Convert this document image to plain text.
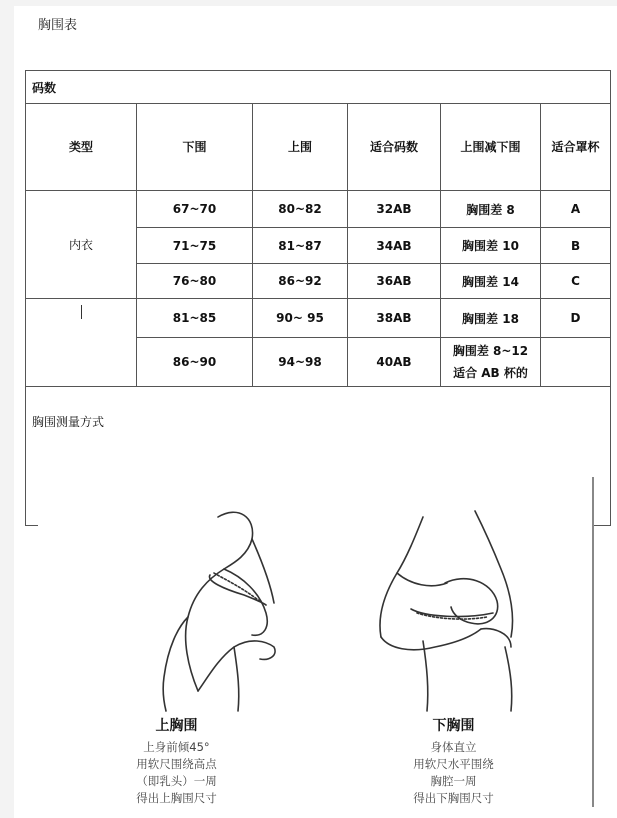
胸围表
码数					
类型	下围	上围	适合码数	上围减下围	适合罩杯
内衣	67~70	80~82	32AB	胸围差 8	A
	71~75	81~87	34AB	胸围差 10	B
	76~80	86~92	36AB	胸围差 14	C
	81~85	90~ 95	38AB	胸围差 18	D
	86~90	94~98	40AB	胸围差 8~12
适合 AB 杯的	

胸围测量方式					
上胸围
上身前倾45°
用软尺围绕高点
（即乳头）一周
得出上胸围尺寸
下胸围
身体直立
用软尺水平围绕
胸腔一周
得出下胸围尺寸
